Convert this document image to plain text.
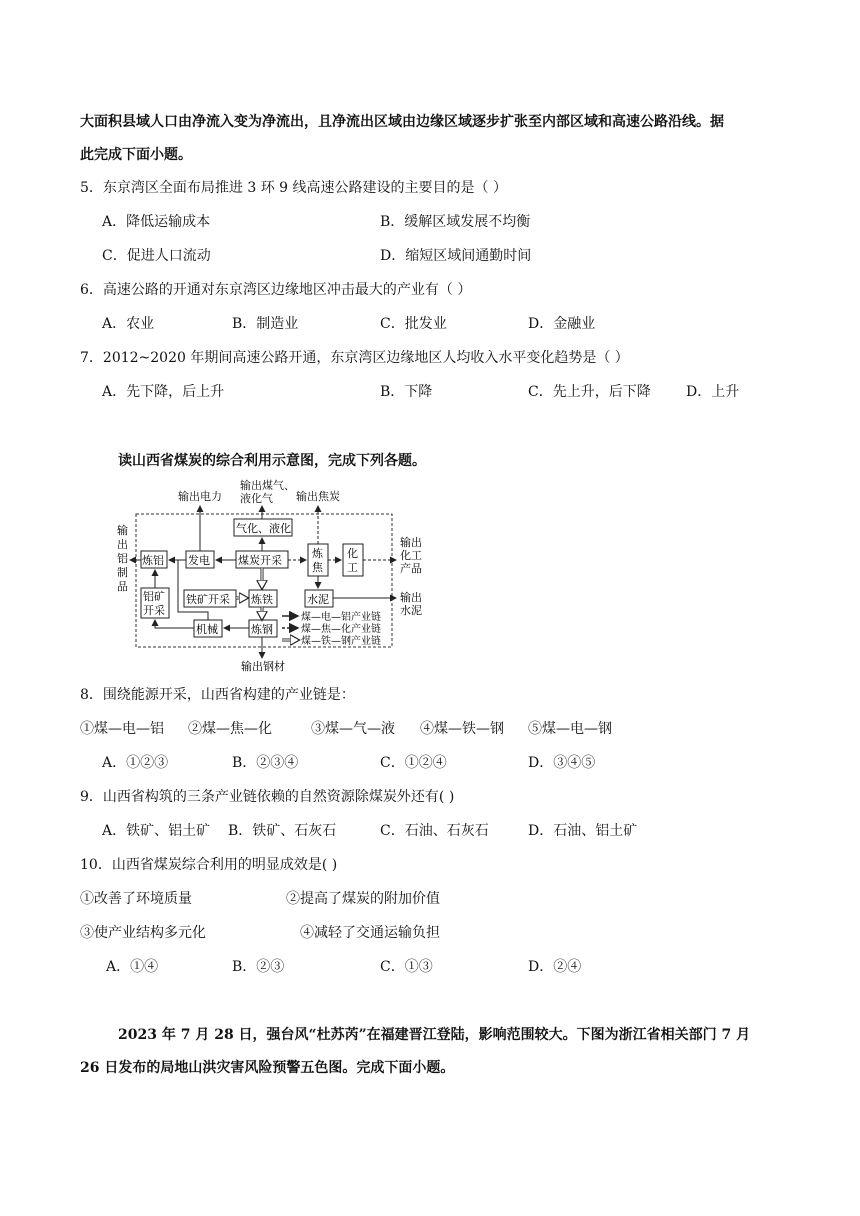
大面积县域人口由净流入变为净流出，且净流出区域由边缘区域逐步扩张至内部区域和高速公路沿线。据
此完成下面小题。
5．东京湾区全面布局推进 3 环 9 线高速公路建设的主要目的是（ ）
A．降低运输成本	B．缓解区域发展不均衡
C．促进人口流动	D．缩短区域间通勤时间
6．高速公路的开通对东京湾区边缘地区冲击最大的产业有（ ）
A．农业	B．制造业	C．批发业	D．金融业
7．2012~2020 年期间高速公路开通，东京湾区边缘地区人均收入水平变化趋势是（ ）
A．先下降，后上升	B．下降	C．先上升，后下降	D．上升
读山西省煤炭的综合利用示意图，完成下列各题。
输出电力
输出煤气、
液化气 输出焦炭
输
出
铝
制
品
输出
化工
产品
输出
水泥
输出钢材
气化、液化
炼铝 发电	煤炭开采
炼
焦
化
工
铝矿
开采
铁矿开采 炼铁	水泥
机械	炼钢
煤—电—铝产业链
煤—焦—化产业链
煤—铁—钢产业链
8．围绕能源开采，山西省构建的产业链是：
①煤—电—铝 ②煤—焦—化	③煤—气—液 ④煤—铁—钢 ⑤煤—电—钢
A．①②③	B．②③④	C．①②④	D．③④⑤
9．山西省构筑的三条产业链依赖的自然资源除煤炭外还有( )
A．铁矿、铝土矿 B．铁矿、石灰石	C．石油、石灰石	D．石油、铝土矿
10．山西省煤炭综合利用的明显成效是( )
①改善了环境质量	②提高了煤炭的附加价值
③使产业结构多元化	④减轻了交通运输负担
A．①④	B．②③	C．①③	D．②④
2023 年 7 月 28 日，强台风“杜苏芮”在福建晋江登陆，影响范围较大。下图为浙江省相关部门 7 月
26 日发布的局地山洪灾害风险预警五色图。完成下面小题。
